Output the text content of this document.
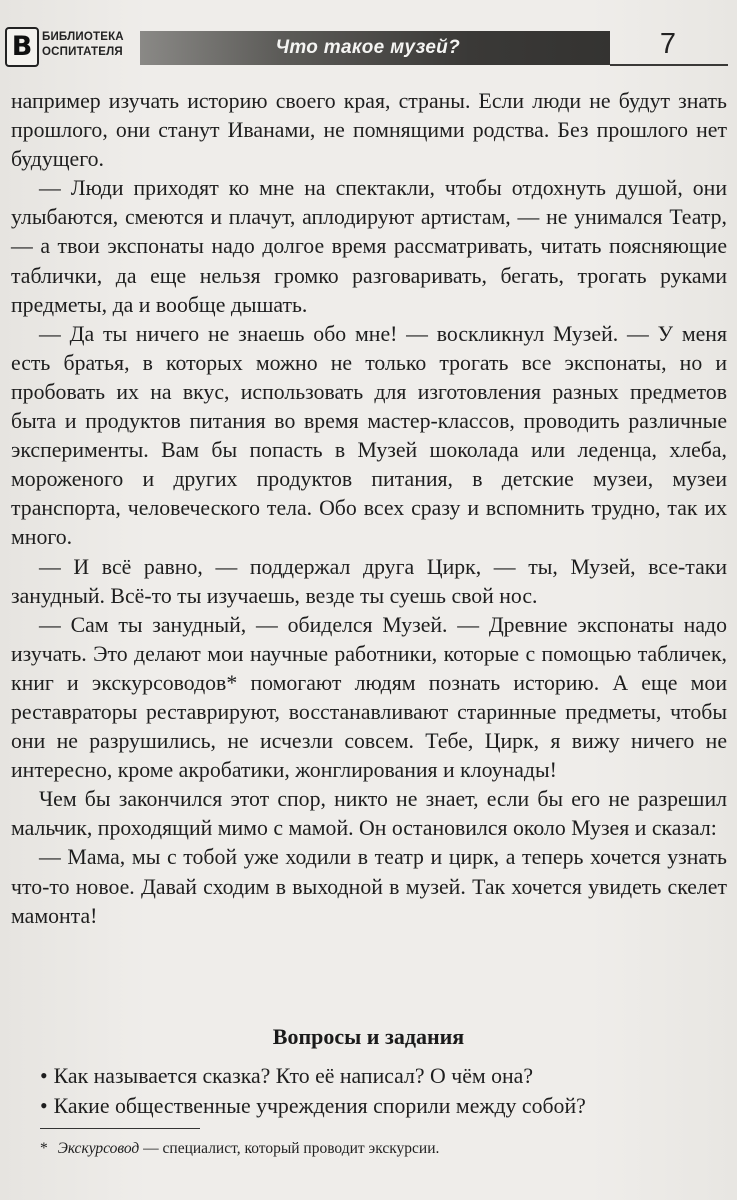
В БИБЛИОТЕКА
ОСПИТАТЕЛЯ	Что такое музей?	7

например изучать историю своего края, страны. Если люди не будут знать прошлого, они станут Иванами, не помнящими родства. Без прошлого нет будущего.

— Люди приходят ко мне на спектакли, чтобы отдохнуть душой, они улыбаются, смеются и плачут, аплодируют артистам, — не унимался Театр, — а твои экспонаты надо долгое время рассматривать, читать поясняющие таблички, да еще нельзя громко разговаривать, бегать, трогать руками предметы, да и вообще дышать.

— Да ты ничего не знаешь обо мне! — воскликнул Музей. — У меня есть братья, в которых можно не только трогать все экспонаты, но и пробовать их на вкус, использовать для изготовления разных предметов быта и продуктов питания во время мастер-классов, проводить различные эксперименты. Вам бы попасть в Музей шоколада или леденца, хлеба, мороженого и других продуктов питания, в детские музеи, музеи транспорта, человеческого тела. Обо всех сразу и вспомнить трудно, так их много.

— И всё равно, — поддержал друга Цирк, — ты, Музей, все-таки занудный. Всё-то ты изучаешь, везде ты суешь свой нос.

— Сам ты занудный, — обиделся Музей. — Древние экспонаты надо изучать. Это делают мои научные работники, которые с помощью табличек, книг и экскурсоводов* помогают людям познать историю. А еще мои реставраторы реставрируют, восстанавливают старинные предметы, чтобы они не разрушились, не исчезли совсем. Тебе, Цирк, я вижу ничего не интересно, кроме акробатики, жонглирования и клоунады!

Чем бы закончился этот спор, никто не знает, если бы его не разрешил мальчик, проходящий мимо с мамой. Он остановился около Музея и сказал:

— Мама, мы с тобой уже ходили в театр и цирк, а теперь хочется узнать что-то новое. Давай сходим в выходной в музей. Так хочется увидеть скелет мамонта!

Вопросы и задания
• Как называется сказка? Кто её написал? О чём она?
• Какие общественные учреждения спорили между собой?
* Экскурсовод — специалист, который проводит экскурсии.
